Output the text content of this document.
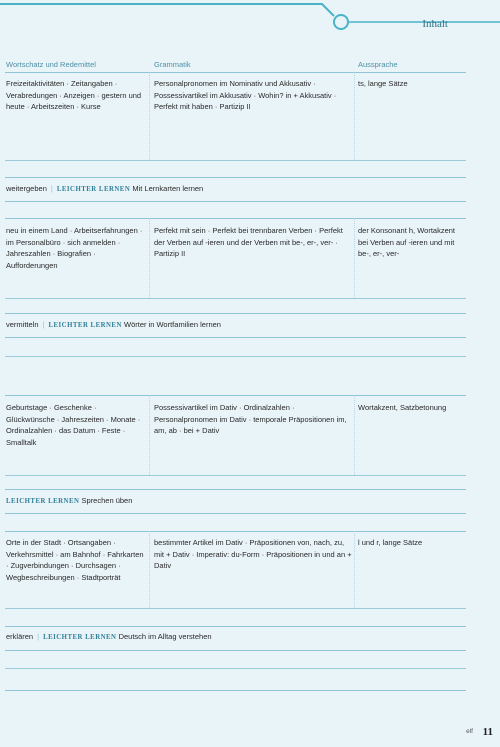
Inhalt
Wortschatz und Redemittel	Grammatik	Aussprache
Freizeitaktivitäten · Zeitangaben · Verabredungen · Anzeigen · gestern und heute · Arbeitszeiten · Kurse
Personalpronomen im Nominativ und Akkusativ · Possessivartikel im Akkusativ · Wohin? in + Akkusativ · Perfekt mit haben · Partizip II
ts, lange Sätze
weitergeben | LEICHTER LERNEN Mit Lernkarten lernen
neu in einem Land · Arbeitserfahrungen · im Personalbüro · sich anmelden · Jahreszahlen · Biografien · Aufforderungen
Perfekt mit sein · Perfekt bei trennbaren Verben · Perfekt der Verben auf -ieren und der Verben mit be-, er-, ver- · Partizip II
der Konsonant h, Wortakzent bei Verben auf -ieren und mit be-, er-, ver-
vermitteln | LEICHTER LERNEN Wörter in Wortfamilien lernen
Geburtstage · Geschenke · Glückwünsche · Jahreszeiten · Monate · Ordinalzahlen · das Datum · Feste · Smalltalk
Possessivartikel im Dativ · Ordinalzahlen · Personalpronomen im Dativ · temporale Präpositionen im, am, ab · bei + Dativ
Wortakzent, Satzbetonung
LEICHTER LERNEN Sprechen üben
Orte in der Stadt · Ortsangaben · Verkehrsmittel · am Bahnhof · Fahrkarten · Zugverbindungen · Durchsagen · Wegbeschreibungen · Stadtporträt
bestimmter Artikel im Dativ · Präpositionen von, nach, zu, mit + Dativ · Imperativ: du-Form · Präpositionen in und an + Dativ
l und r, lange Sätze
erklären | LEICHTER LERNEN Deutsch im Alltag verstehen
elf 11
